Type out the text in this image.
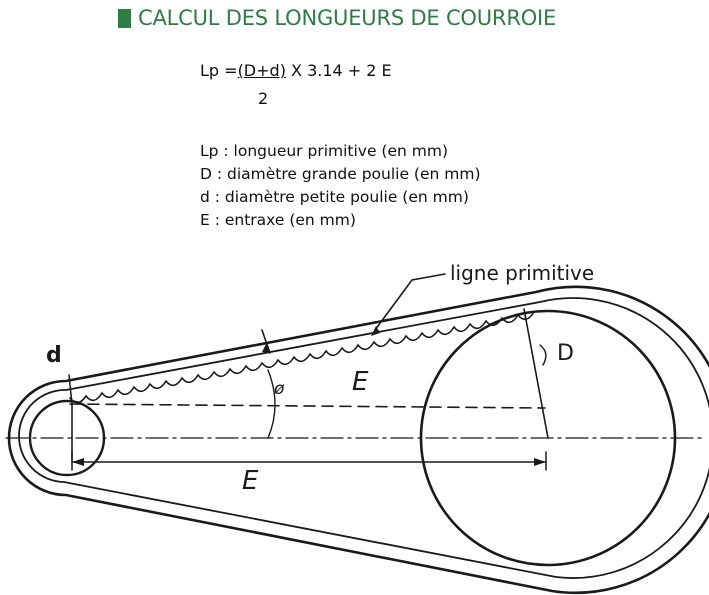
CALCUL DES LONGUEURS DE COURROIE
Lp =(D+d) X 3.14 + 2 E
2
Lp : longueur primitive (en mm)
D : diamètre grande poulie (en mm)
d : diamètre petite poulie (en mm)
E : entraxe (en mm)
ligne primitive
d	D
ø	E
E
